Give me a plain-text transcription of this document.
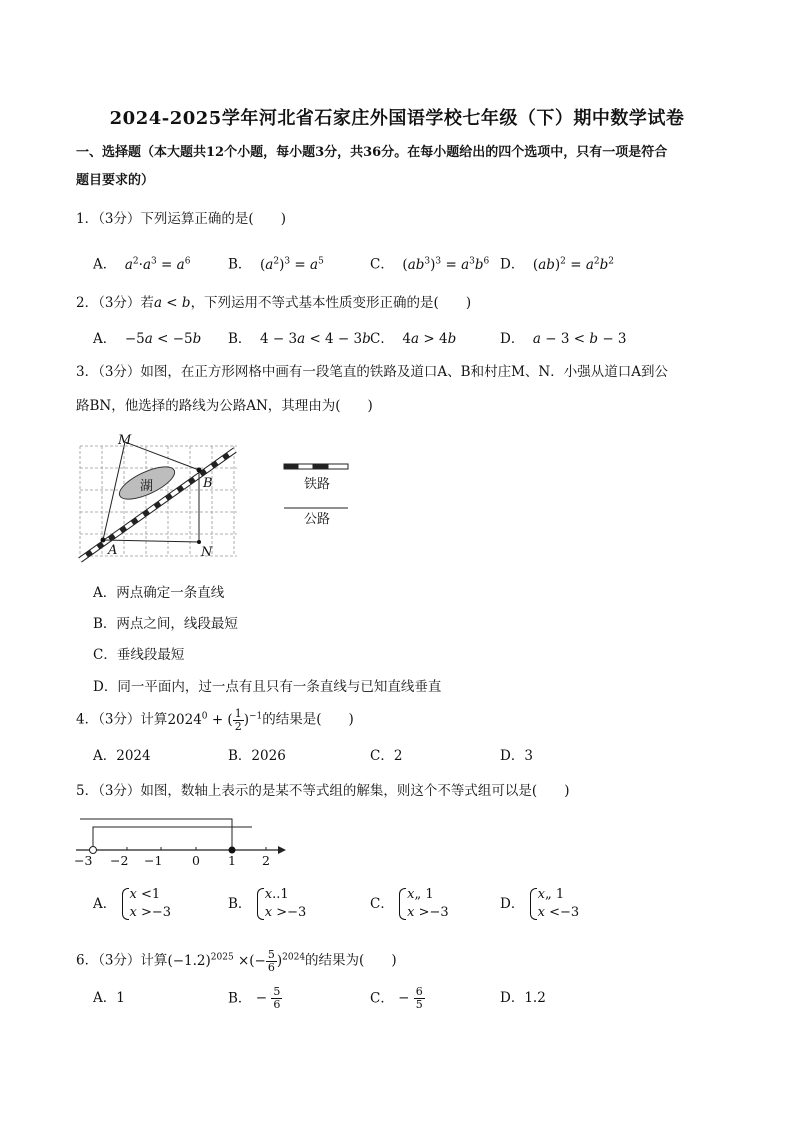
2024-2025学年河北省石家庄外国语学校七年级（下）期中数学试卷
一、选择题（本大题共12个小题，每小题3分，共36分。在每小题给出的四个选项中，只有一项是符合
题目要求的）
1．（3分）下列运算正确的是(　　)
A． $a^2\cdot a^3 = a^6$	B．  $(a^2)^3 = a^5$	C．  $(ab^3)^3 = a^3b^6$ D．  $(ab)^2 = a^2b^2$
2．（3分）若a < b，下列运用不等式基本性质变形正确的是(　　)
A．  −5a < −5b B．  4 − 3a < 4 − 3b C．  4a > 4b	D． a − 3 < b − 3
3．（3分）如图，在正方形网格中画有一段笔直的铁路及道口A、B和村庄M、N．小强从道口A到公
路BN，他选择的路线为公路AN，其理由为(　　)
湖
M
A
B
N
铁路
公路
A．两点确定一条直线
B．两点之间，线段最短
C．垂线段最短
D．同一平面内，过一点有且只有一条直线与已知直线垂直
4．（3分）计算$2024^0$ + ( $\frac{1}{2} )^{-1}$的结果是(　　)
A．2024	B．2026	C．2	D．3
5．（3分）如图，数轴上表示的是某不等式组的解集，则这个不等式组可以是(　　)
−3 −2 −1 0 1 2
A． x <1
x >−3
B． x..1
x >−3
C． x„ 1
x >−3
D． x„ 1
x <−3
6．（3分）计算$(-1.2)^{2025}$ ×(− $\frac{5}{6} )^{2024}$的结果为(　　)
A．1	B． − $\frac{5}{6}$	C． − $\frac{6}{5}$	D．1.2
